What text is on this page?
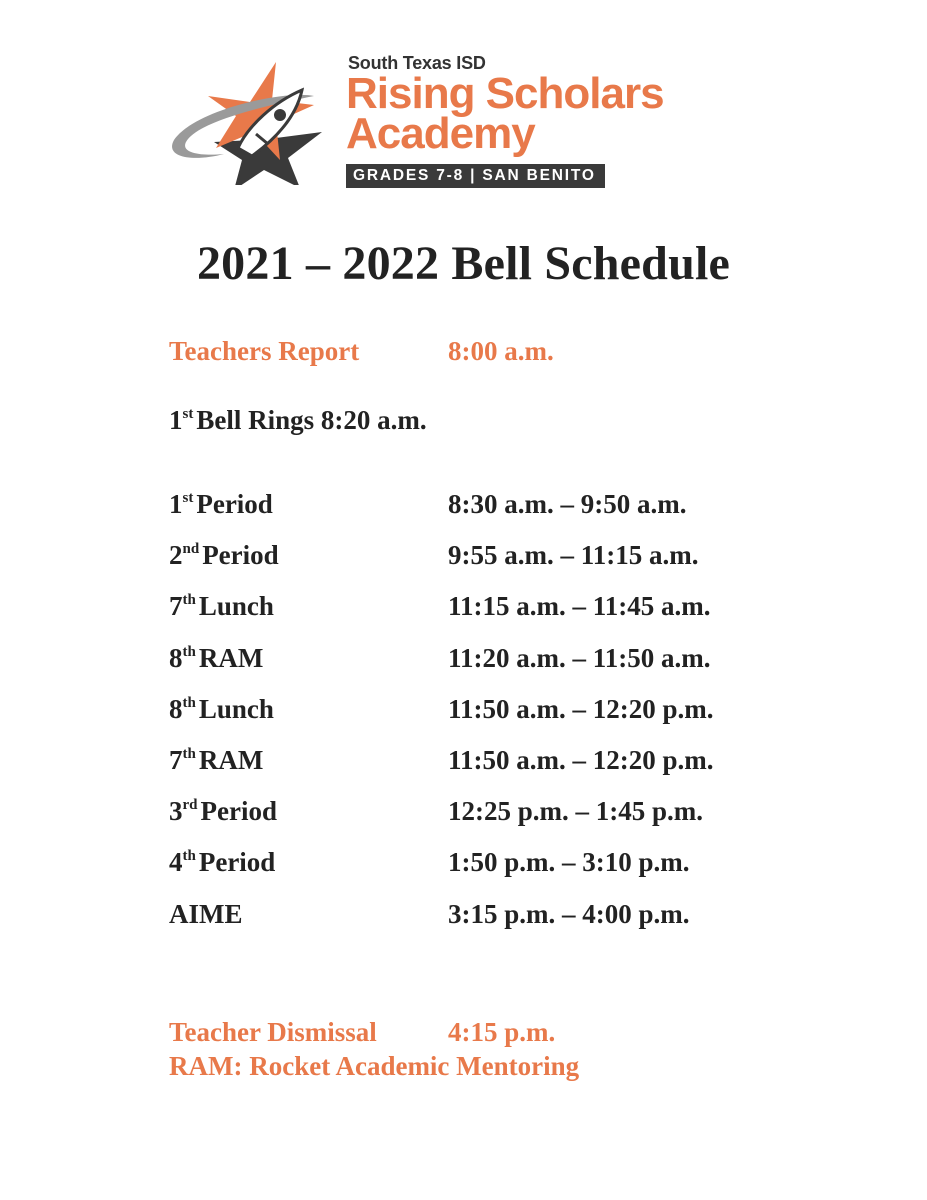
South Texas ISD
Rising Scholars
Academy
GRADES 7-8 | SAN BENITO
2021 – 2022 Bell Schedule
Teachers Report	8:00 a.m.
1st Bell Rings 8:20 a.m.
1st Period	8:30 a.m. – 9:50 a.m.
2nd Period	9:55 a.m. – 11:15 a.m.
7th Lunch	11:15 a.m. – 11:45 a.m.
8th RAM	11:20 a.m. – 11:50 a.m.
8th Lunch	11:50 a.m. – 12:20 p.m.
7th RAM	11:50 a.m. – 12:20 p.m.
3rd Period	12:25 p.m. – 1:45 p.m.
4th Period	1:50 p.m. – 3:10 p.m.
AIME	3:15 p.m. – 4:00 p.m.
Teacher Dismissal	4:15 p.m.
RAM: Rocket Academic Mentoring
